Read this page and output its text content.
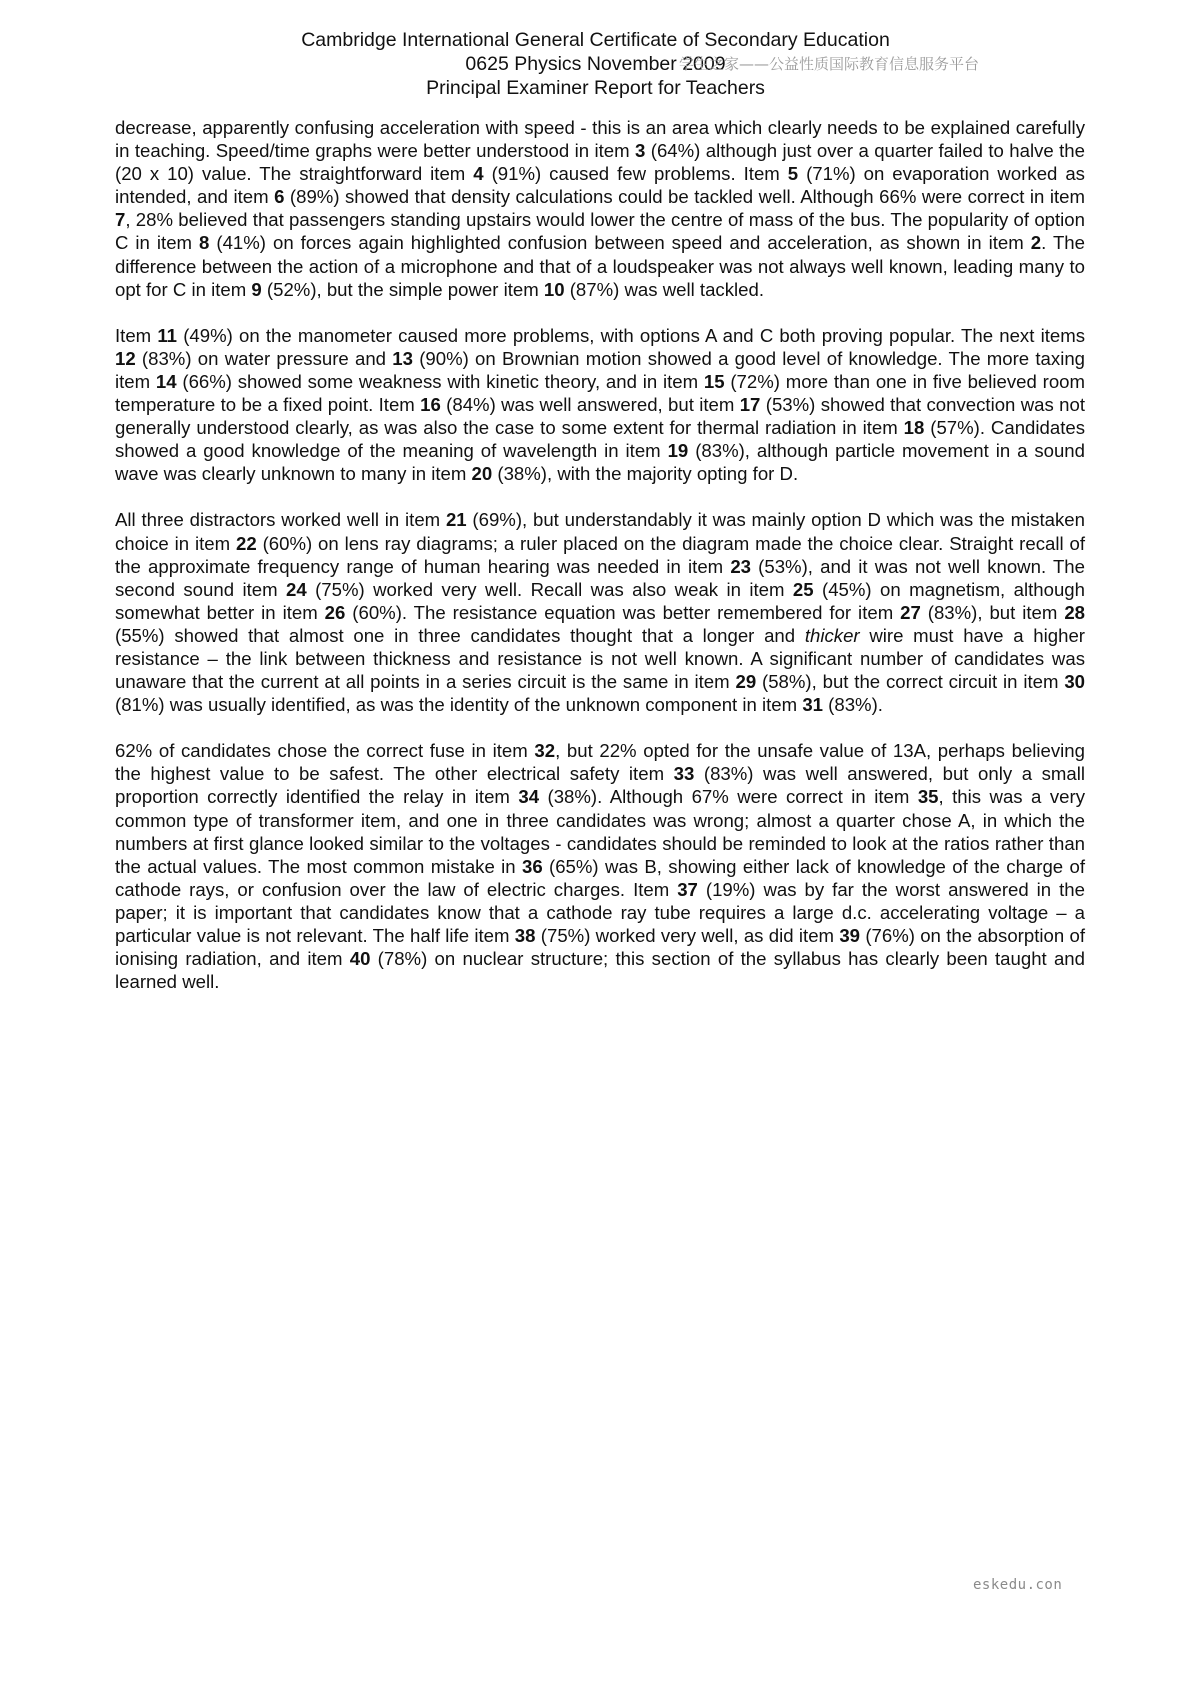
Cambridge International General Certificate of Secondary Education
0625 Physics November 2009
Principal Examiner Report for Teachers
学生之家——公益性质国际教育信息服务平台

decrease, apparently confusing acceleration with speed - this is an area which clearly needs to be explained carefully in teaching. Speed/time graphs were better understood in item 3 (64%) although just over a quarter failed to halve the (20 x 10) value. The straightforward item 4 (91%) caused few problems. Item 5 (71%) on evaporation worked as intended, and item 6 (89%) showed that density calculations could be tackled well. Although 66% were correct in item 7, 28% believed that passengers standing upstairs would lower the centre of mass of the bus. The popularity of option C in item 8 (41%) on forces again highlighted confusion between speed and acceleration, as shown in item 2. The difference between the action of a microphone and that of a loudspeaker was not always well known, leading many to opt for C in item 9 (52%), but the simple power item 10 (87%) was well tackled.

Item 11 (49%) on the manometer caused more problems, with options A and C both proving popular. The next items 12 (83%) on water pressure and 13 (90%) on Brownian motion showed a good level of knowledge. The more taxing item 14 (66%) showed some weakness with kinetic theory, and in item 15 (72%) more than one in five believed room temperature to be a fixed point. Item 16 (84%) was well answered, but item 17 (53%) showed that convection was not generally understood clearly, as was also the case to some extent for thermal radiation in item 18 (57%). Candidates showed a good knowledge of the meaning of wavelength in item 19 (83%), although particle movement in a sound wave was clearly unknown to many in item 20 (38%), with the majority opting for D.

All three distractors worked well in item 21 (69%), but understandably it was mainly option D which was the mistaken choice in item 22 (60%) on lens ray diagrams; a ruler placed on the diagram made the choice clear. Straight recall of the approximate frequency range of human hearing was needed in item 23 (53%), and it was not well known. The second sound item 24 (75%) worked very well. Recall was also weak in item 25 (45%) on magnetism, although somewhat better in item 26 (60%). The resistance equation was better remembered for item 27 (83%), but item 28 (55%) showed that almost one in three candidates thought that a longer and thicker wire must have a higher resistance – the link between thickness and resistance is not well known. A significant number of candidates was unaware that the current at all points in a series circuit is the same in item 29 (58%), but the correct circuit in item 30 (81%) was usually identified, as was the identity of the unknown component in item 31 (83%).

62% of candidates chose the correct fuse in item 32, but 22% opted for the unsafe value of 13A, perhaps believing the highest value to be safest. The other electrical safety item 33 (83%) was well answered, but only a small proportion correctly identified the relay in item 34 (38%). Although 67% were correct in item 35, this was a very common type of transformer item, and one in three candidates was wrong; almost a quarter chose A, in which the numbers at first glance looked similar to the voltages - candidates should be reminded to look at the ratios rather than the actual values. The most common mistake in 36 (65%) was B, showing either lack of knowledge of the charge of cathode rays, or confusion over the law of electric charges. Item 37 (19%) was by far the worst answered in the paper; it is important that candidates know that a cathode ray tube requires a large d.c. accelerating voltage – a particular value is not relevant. The half life item 38 (75%) worked very well, as did item 39 (76%) on the absorption of ionising radiation, and item 40 (78%) on nuclear structure; this section of the syllabus has clearly been taught and learned well.

eskedu.con
